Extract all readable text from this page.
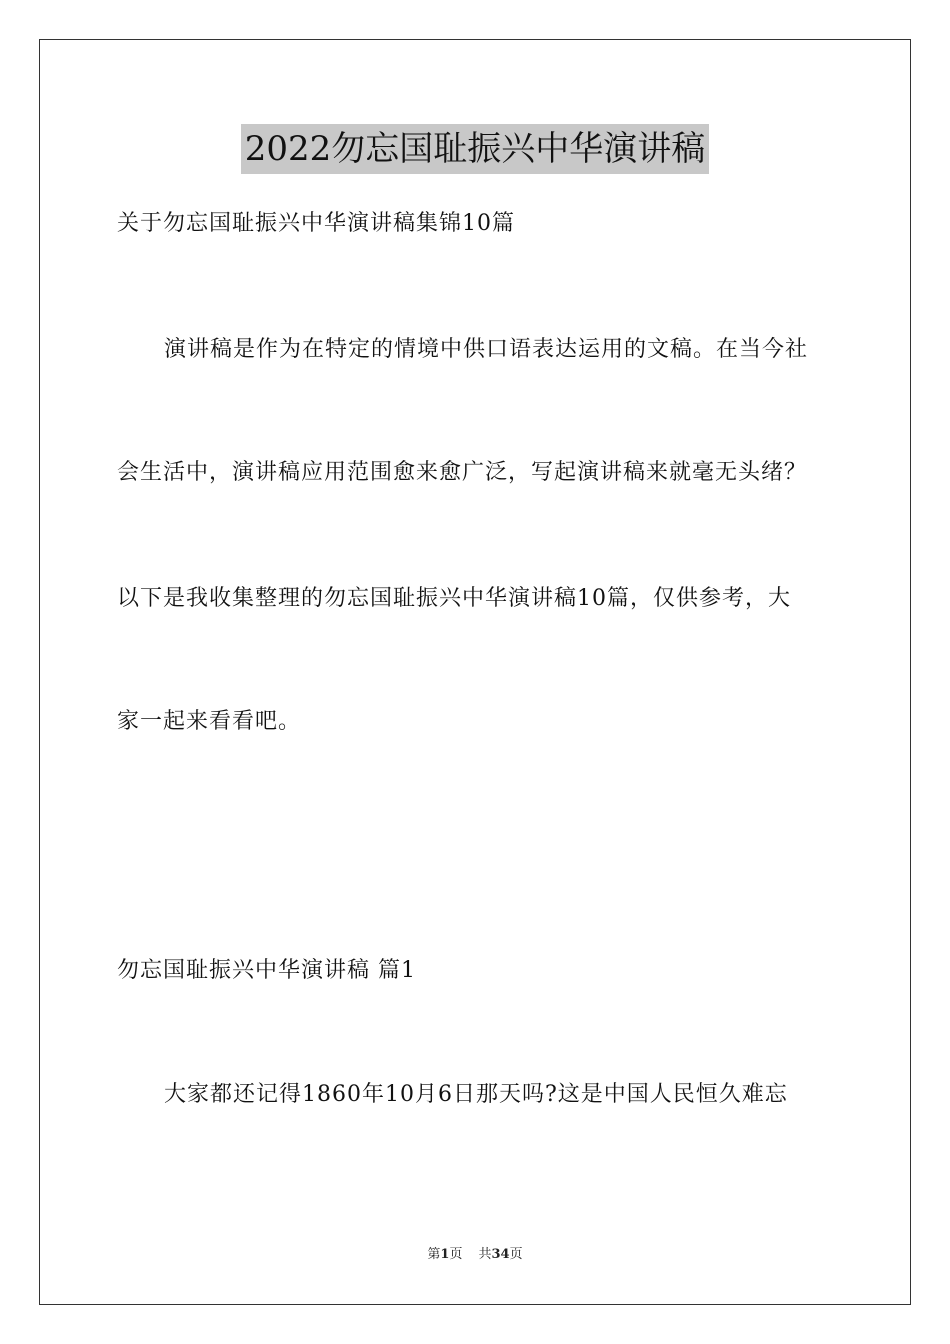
2022勿忘国耻振兴中华演讲稿
关于勿忘国耻振兴中华演讲稿集锦10篇
演讲稿是作为在特定的情境中供口语表达运用的文稿。在当今社
会生活中，演讲稿应用范围愈来愈广泛，写起演讲稿来就毫无头绪？
以下是我收集整理的勿忘国耻振兴中华演讲稿10篇，仅供参考，大
家一起来看看吧。
勿忘国耻振兴中华演讲稿 篇1
大家都还记得1860年10月6日那天吗?这是中国人民恒久难忘
第1页 共34页
